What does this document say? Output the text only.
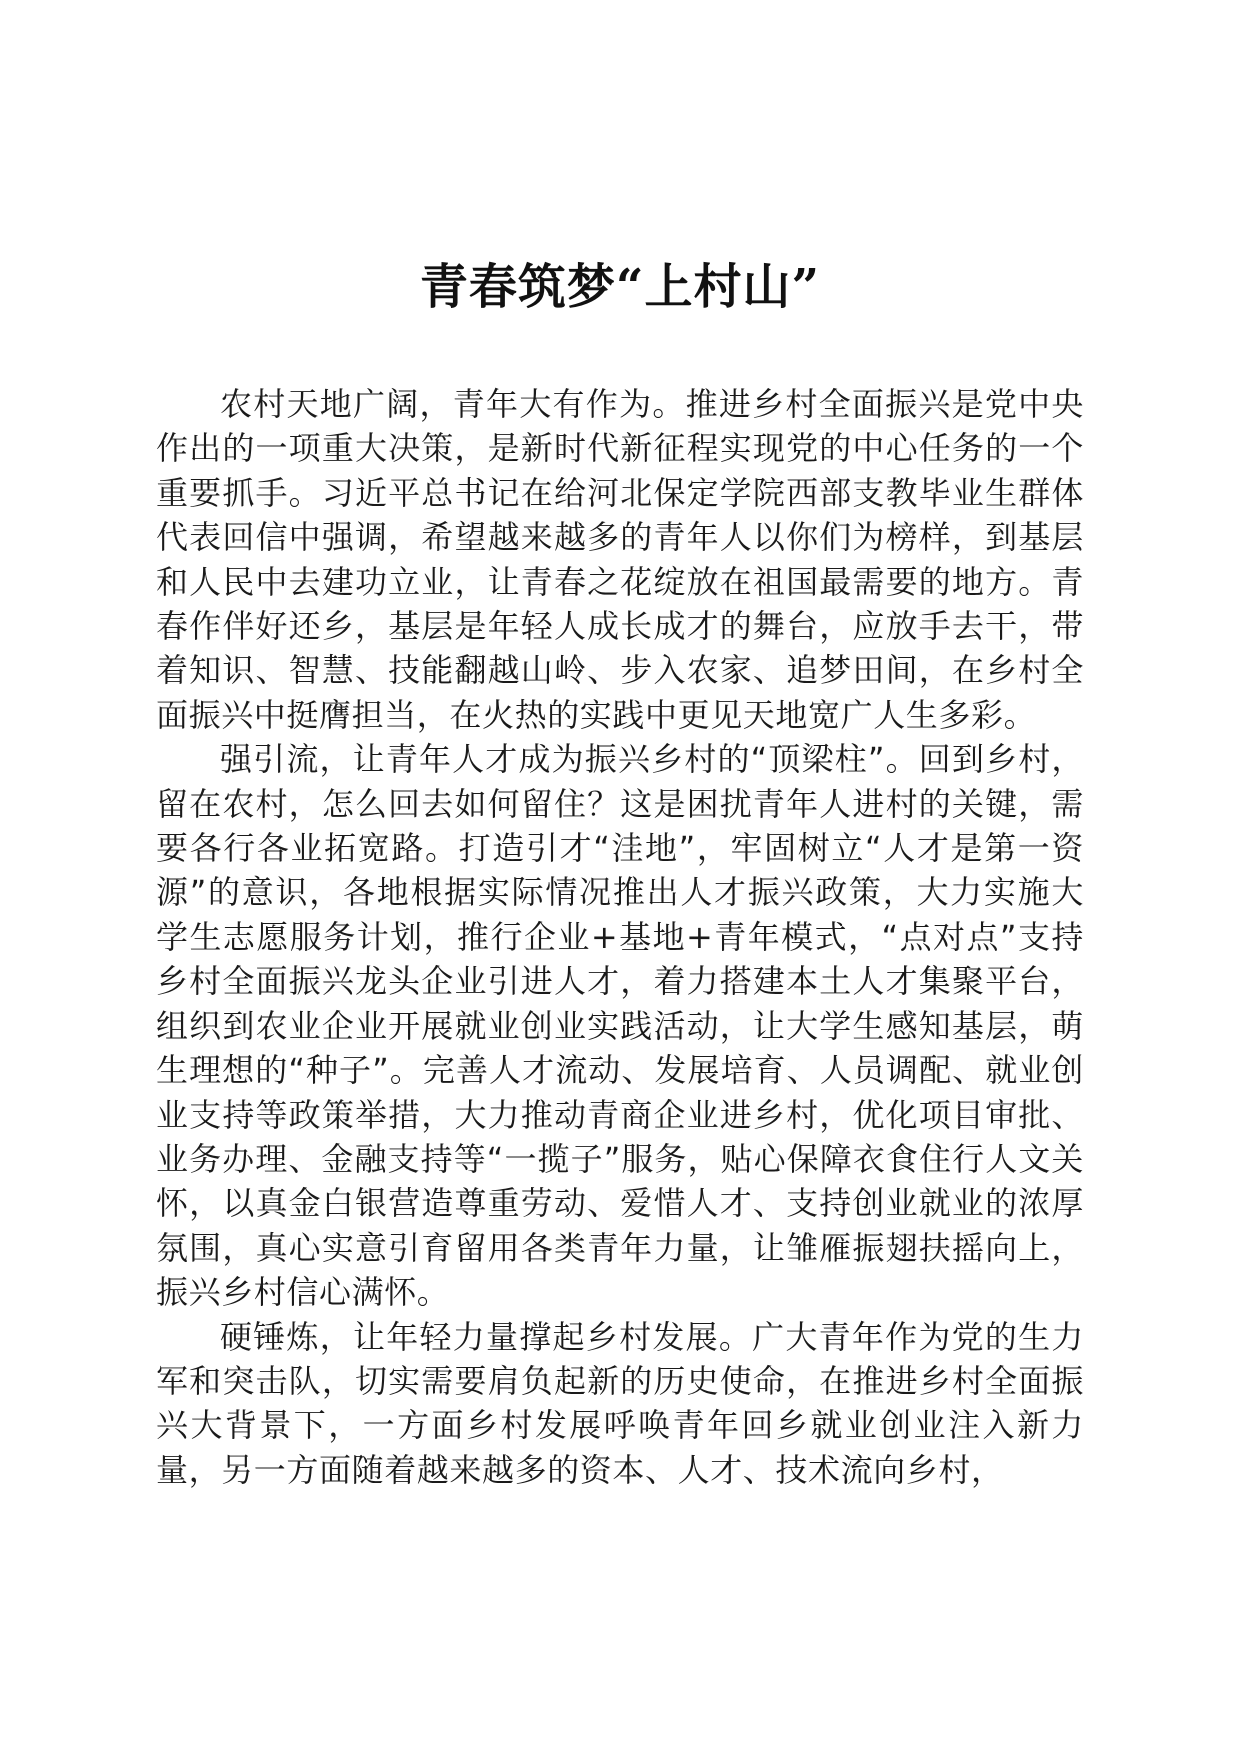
青春筑梦“上村山”

农村天地广阔，青年大有作为。推进乡村全面振兴是党中央作出的一项重大决策，是新时代新征程实现党的中心任务的一个重要抓手。习近平总书记在给河北保定学院西部支教毕业生群体代表回信中强调，希望越来越多的青年人以你们为榜样，到基层和人民中去建功立业，让青春之花绽放在祖国最需要的地方。青春作伴好还乡，基层是年轻人成长成才的舞台，应放手去干，带着知识、智慧、技能翻越山岭、步入农家、追梦田间，在乡村全面振兴中挺膺担当，在火热的实践中更见天地宽广人生多彩。

强引流，让青年人才成为振兴乡村的“顶梁柱”。回到乡村，留在农村，怎么回去如何留住？这是困扰青年人进村的关键，需要各行各业拓宽路。打造引才“洼地”，牢固树立“人才是第一资源”的意识，各地根据实际情况推出人才振兴政策，大力实施大学生志愿服务计划，推行企业+基地+青年模式，“点对点”支持乡村全面振兴龙头企业引进人才，着力搭建本土人才集聚平台，组织到农业企业开展就业创业实践活动，让大学生感知基层，萌生理想的“种子”。完善人才流动、发展培育、人员调配、就业创业支持等政策举措，大力推动青商企业进乡村，优化项目审批、业务办理、金融支持等“一揽子”服务，贴心保障衣食住行人文关怀，以真金白银营造尊重劳动、爱惜人才、支持创业就业的浓厚氛围，真心实意引育留用各类青年力量，让雏雁振翅扶摇向上，振兴乡村信心满怀。

硬锤炼，让年轻力量撑起乡村发展。广大青年作为党的生力军和突击队，切实需要肩负起新的历史使命，在推进乡村全面振兴大背景下，一方面乡村发展呼唤青年回乡就业创业注入新力量，另一方面随着越来越多的资本、人才、技术流向乡村，
